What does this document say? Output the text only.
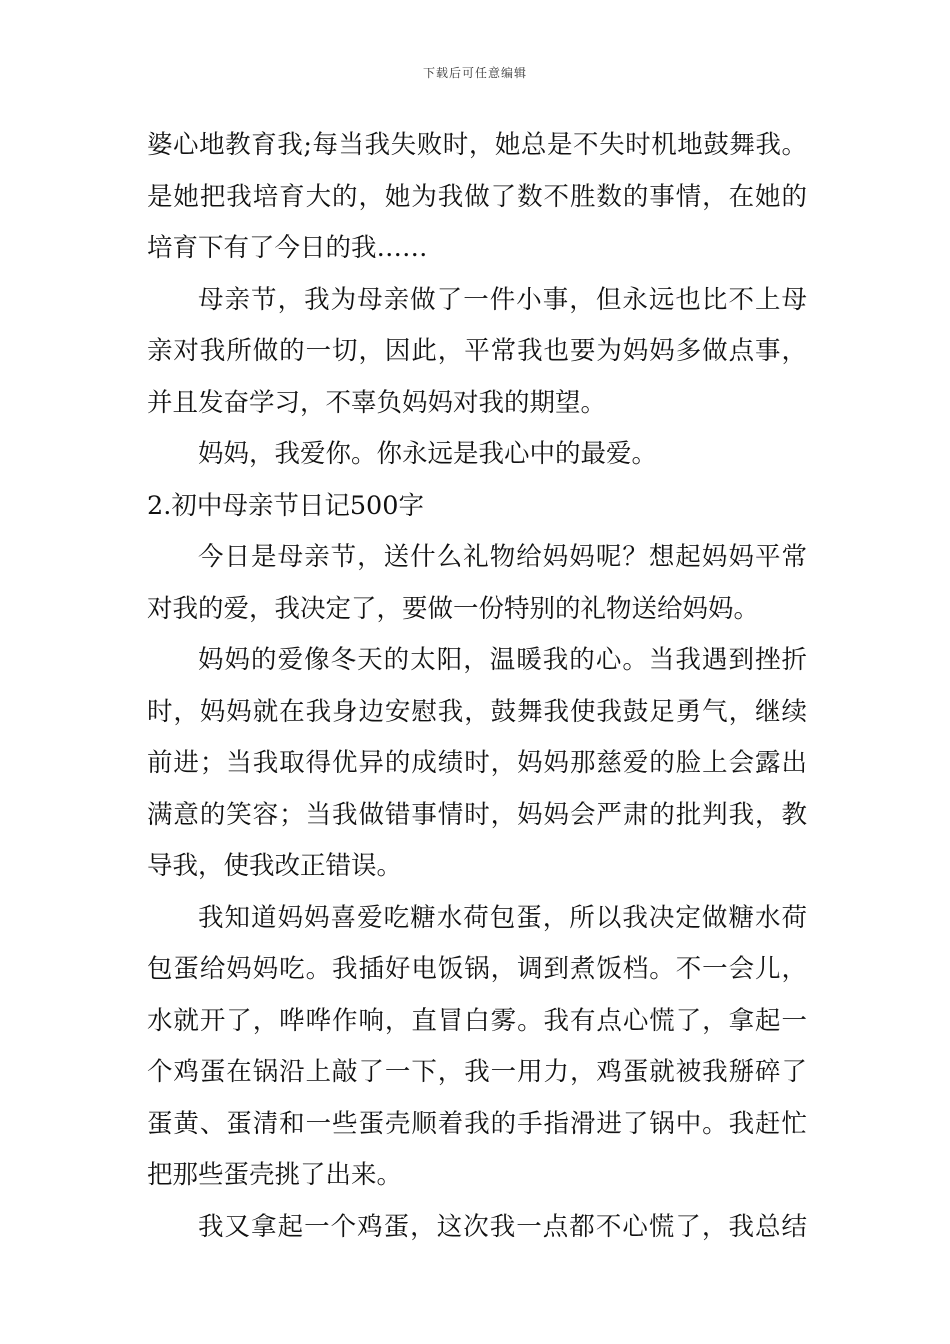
下载后可任意编辑
婆心地教育我;每当我失败时，她总是不失时机地鼓舞我。
是她把我培育大的，她为我做了数不胜数的事情，在她的
培育下有了今日的我……
母亲节，我为母亲做了一件小事，但永远也比不上母
亲对我所做的一切，因此，平常我也要为妈妈多做点事，
并且发奋学习，不辜负妈妈对我的期望。
妈妈，我爱你。你永远是我心中的最爱。
2.初中母亲节日记500字
今日是母亲节，送什么礼物给妈妈呢？想起妈妈平常
对我的爱，我决定了，要做一份特别的礼物送给妈妈。
妈妈的爱像冬天的太阳，温暖我的心。当我遇到挫折
时，妈妈就在我身边安慰我，鼓舞我使我鼓足勇气，继续
前进；当我取得优异的成绩时，妈妈那慈爱的脸上会露出
满意的笑容；当我做错事情时，妈妈会严肃的批判我，教
导我，使我改正错误。
我知道妈妈喜爱吃糖水荷包蛋，所以我决定做糖水荷
包蛋给妈妈吃。我插好电饭锅，调到煮饭档。不一会儿，
水就开了，哗哗作响，直冒白雾。我有点心慌了，拿起一
个鸡蛋在锅沿上敲了一下，我一用力，鸡蛋就被我掰碎了
蛋黄、蛋清和一些蛋壳顺着我的手指滑进了锅中。我赶忙
把那些蛋壳挑了出来。
我又拿起一个鸡蛋，这次我一点都不心慌了，我总结
